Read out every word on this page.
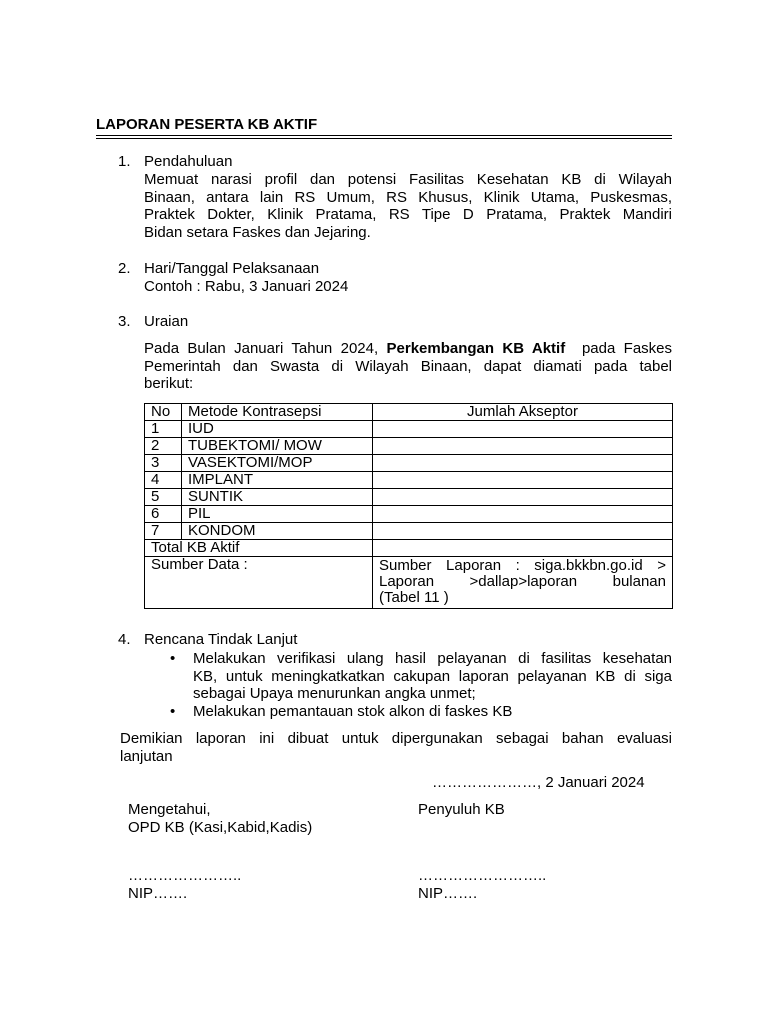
LAPORAN PESERTA KB AKTIF
1. Pendahuluan
Memuat narasi profil dan potensi Fasilitas Kesehatan KB di Wilayah
Binaan, antara lain RS Umum, RS Khusus, Klinik Utama, Puskesmas,
Praktek Dokter, Klinik Pratama, RS Tipe D Pratama, Praktek Mandiri
Bidan setara Faskes dan Jejaring.
2. Hari/Tanggal Pelaksanaan
Contoh : Rabu, 3 Januari 2024
3. Uraian
Pada Bulan Januari Tahun 2024, Perkembangan KB Aktif pada Faskes
Pemerintah dan Swasta di Wilayah Binaan, dapat diamati pada tabel
berikut:
No	Metode Kontrasepsi	Jumlah Akseptor
1	IUD	
2	TUBEKTOMI/ MOW	
3	VASEKTOMI/MOP	
4	IMPLANT	
5	SUNTIK	
6	PIL	
7	KONDOM	
Total KB Aktif		
Sumber Data :		Sumber Laporan : siga.bkkbn.go.id >
Laporan >dallap>laporan bulanan
(Tabel 11 )
4. Rencana Tindak Lanjut
• Melakukan verifikasi ulang hasil pelayanan di fasilitas kesehatan
KB, untuk meningkatkatkan cakupan laporan pelayanan KB di siga
sebagai Upaya menurunkan angka unmet;
• Melakukan pemantauan stok alkon di faskes KB
Demikian laporan ini dibuat untuk dipergunakan sebagai bahan evaluasi
lanjutan
…………………, 2 Januari 2024
Mengetahui,
OPD KB (Kasi,Kabid,Kadis)
…………………..
NIP…….
Penyuluh KB
……………………..
NIP…….
